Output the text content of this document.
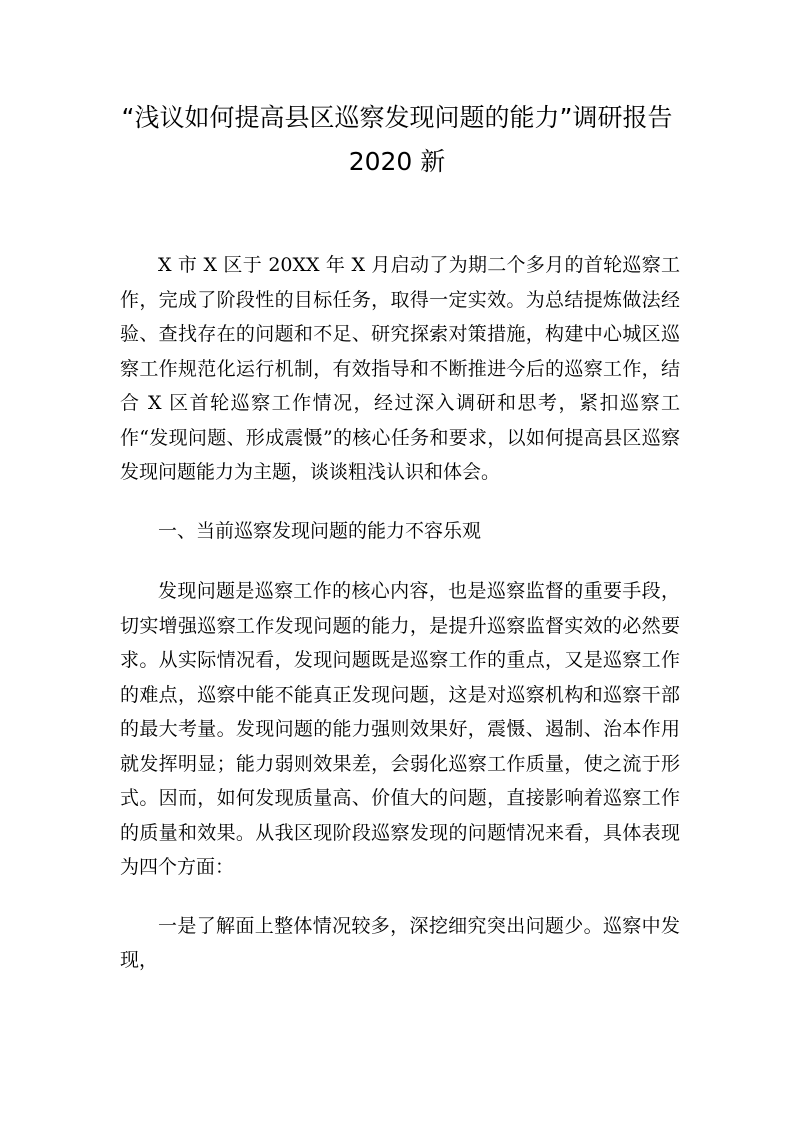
“浅议如何提高县区巡察发现问题的能力”调研报告
2020 新

X 市 X 区于 20XX 年 X 月启动了为期二个多月的首轮巡察工作，完成了阶段性的目标任务，取得一定实效。为总结提炼做法经验、查找存在的问题和不足、研究探索对策措施，构建中心城区巡察工作规范化运行机制，有效指导和不断推进今后的巡察工作，结合 X 区首轮巡察工作情况，经过深入调研和思考，紧扣巡察工作“发现问题、形成震慑”的核心任务和要求，以如何提高县区巡察发现问题能力为主题，谈谈粗浅认识和体会。

一、当前巡察发现问题的能力不容乐观

发现问题是巡察工作的核心内容，也是巡察监督的重要手段，切实增强巡察工作发现问题的能力，是提升巡察监督实效的必然要求。从实际情况看，发现问题既是巡察工作的重点，又是巡察工作的难点，巡察中能不能真正发现问题，这是对巡察机构和巡察干部的最大考量。发现问题的能力强则效果好，震慑、遏制、治本作用就发挥明显；能力弱则效果差，会弱化巡察工作质量，使之流于形式。因而，如何发现质量高、价值大的问题，直接影响着巡察工作的质量和效果。从我区现阶段巡察发现的问题情况来看，具体表现为四个方面：

一是了解面上整体情况较多，深挖细究突出问题少。巡察中发现，
